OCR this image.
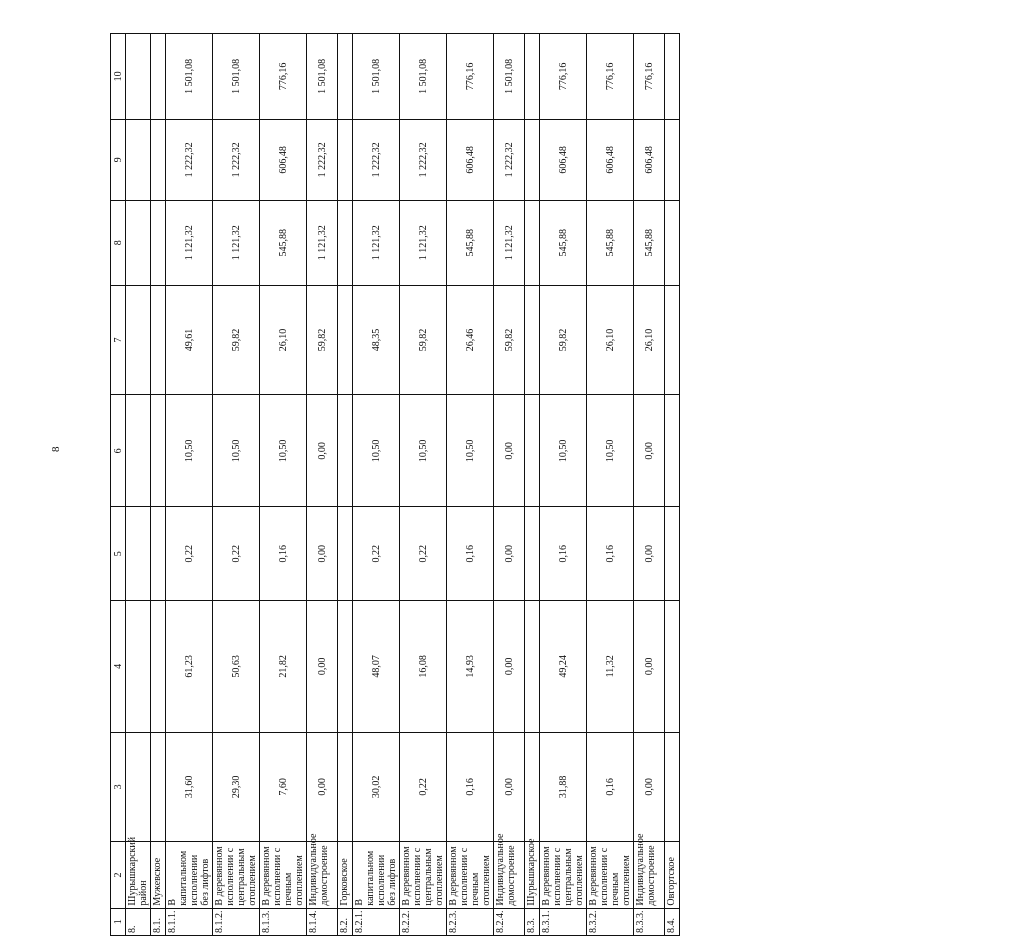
8
1	2	3	4	5	6	7	8	9	10
8.	Шурышкарский район								
8.1.	Мужевское								
8.1.1.	В капитальном исполнении без лифтов	31,60	61,23	0,22	10,50	49,61	1 121,32	1 222,32	1 501,08
8.1.2.	В деревянном исполнении с центральным отоплением	29,30	50,63	0,22	10,50	59,82	1 121,32	1 222,32	1 501,08
8.1.3.	В деревянном исполнении с печным отоплением	7,60	21,82	0,16	10,50	26,10	545,88	606,48	776,16
8.1.4.	Индивидуальное домостроение	0,00	0,00	0,00	0,00	59,82	1 121,32	1 222,32	1 501,08
8.2.	Горковское								
8.2.1.	В капитальном исполнении без лифтов	30,02	48,07	0,22	10,50	48,35	1 121,32	1 222,32	1 501,08
8.2.2.	В деревянном исполнении с центральным отоплением	0,22	16,08	0,22	10,50	59,82	1 121,32	1 222,32	1 501,08
8.2.3.	В деревянном исполнении с печным отоплением	0,16	14,93	0,16	10,50	26,46	545,88	606,48	776,16
8.2.4.	Индивидуальное домостроение	0,00	0,00	0,00	0,00	59,82	1 121,32	1 222,32	1 501,08
8.3.	Шурышкарское								
8.3.1.	В деревянном исполнении с центральным отоплением	31,88	49,24	0,16	10,50	59,82	545,88	606,48	776,16
8.3.2.	В деревянном исполнении с печным отоплением	0,16	11,32	0,16	10,50	26,10	545,88	606,48	776,16
8.3.3.	Индивидуальное домостроение	0,00	0,00	0,00	0,00	26,10	545,88	606,48	776,16
8.4.	Овгортское								
